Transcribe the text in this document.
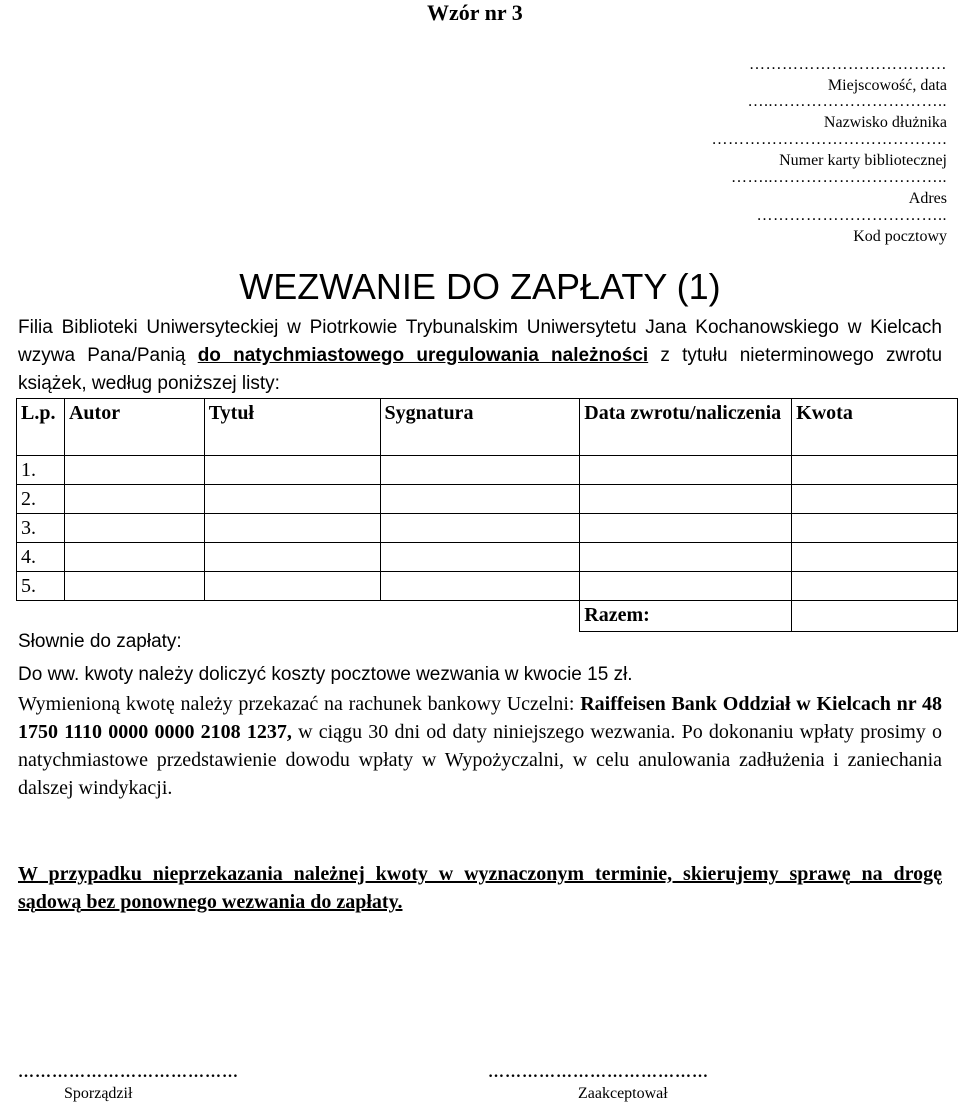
Wzór nr 3
………………………………
Miejscowość, data
…..…………………………..
Nazwisko dłużnika
…………………………………….
Numer karty bibliotecznej
……..…………………………..
Adres
……………………………..
Kod pocztowy
WEZWANIE DO ZAPŁATY (1)
Filia Biblioteki Uniwersyteckiej w Piotrkowie Trybunalskim Uniwersytetu Jana Kochanowskiego w Kielcach wzywa Pana/Panią do natychmiastowego uregulowania należności z tytułu nieterminowego zwrotu książek, według poniższej listy:
L.p.	Autor	Tytuł	Sygnatura	Data zwrotu/naliczenia	Kwota
1.					
2.					
3.					
4.					
5.					
				Razem:	
Słownie do zapłaty:
Do ww. kwoty należy doliczyć koszty pocztowe wezwania w kwocie 15 zł.
Wymienioną kwotę należy przekazać na rachunek bankowy Uczelni: Raiffeisen Bank Oddział w Kielcach nr 48 1750 1110 0000 0000 2108 1237, w ciągu 30 dni od daty niniejszego wezwania. Po dokonaniu wpłaty prosimy o natychmiastowe przedstawienie dowodu wpłaty w Wypożyczalni, w celu anulowania zadłużenia i zaniechania dalszej windykacji.
W przypadku nieprzekazania należnej kwoty w wyznaczonym terminie, skierujemy sprawę na drogę sądową bez ponownego wezwania do zapłaty.
…………………………………
Sporządził
…………………………………
Zaakceptował
